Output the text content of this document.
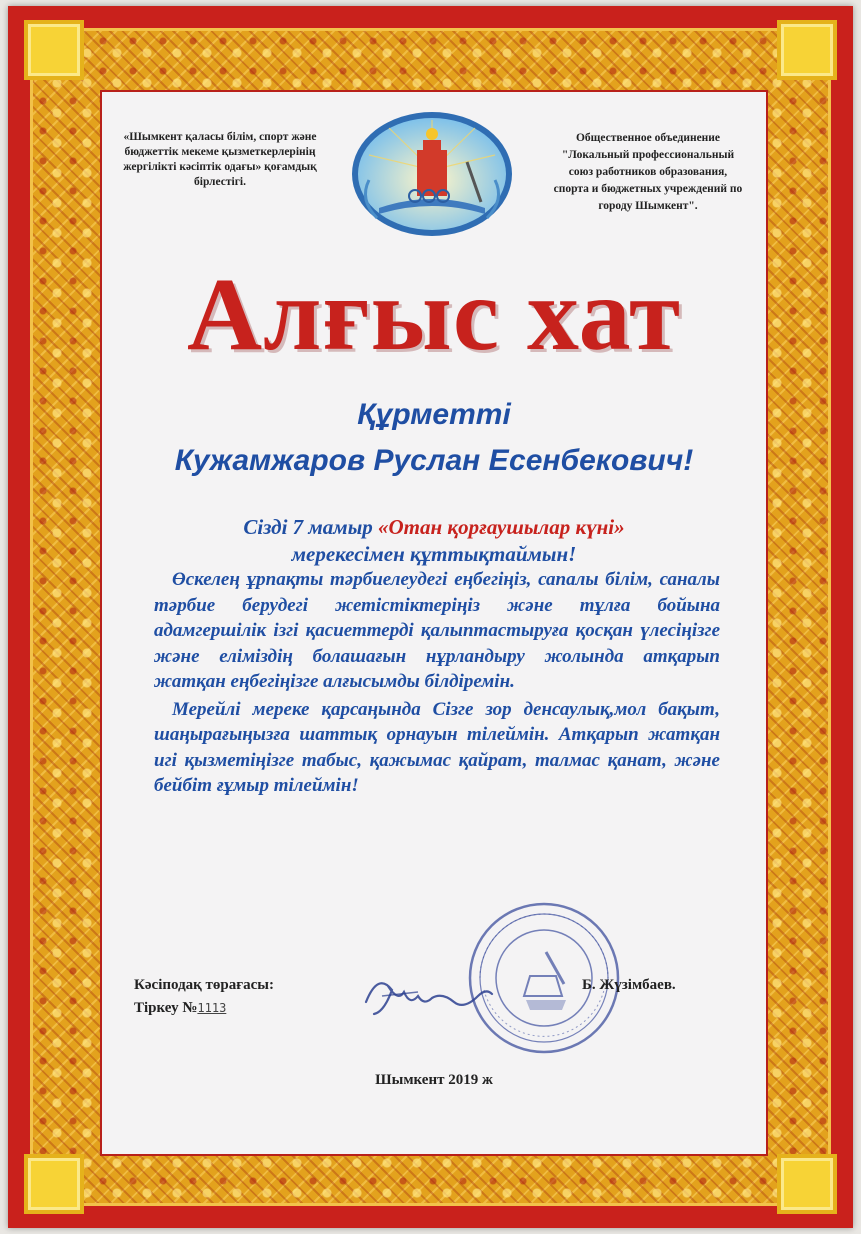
«Шымкент қаласы білім, спорт және бюджеттік мекеме қызметкерлерінің жергілікті кәсіптік одағы» қоғамдық бірлестігі.
Общественное объединение "Локальный профессиональный союз работников образования, спорта и бюджетных учреждений по городу Шымкент".
Алғыс хат
Құрметті
Кужамжаров Руслан Есенбекович!
Сізді 7 мамыр «Отан қорғаушылар күні»
мерекесімен құттықтаймын!

Өскелең ұрпақты тәрбиелеудегі еңбегіңіз, сапалы білім, саналы тәрбие берудегі жетістіктеріңіз және тұлға бойына адамгершілік ізгі қасиеттерді қалыптастыруға қосқан үлесіңізге және еліміздің болашағын нұрландыру жолында атқарып жатқан еңбегіңізге алғысымды білдіремін.

Мерейлі мереке қарсаңында Сізге зор денсаулық,мол бақыт, шаңырағыңызға шаттық орнауын тілеймін. Атқарып жатқан игі қызметіңізге табыс, қажымас қайрат, талмас қанат, және бейбіт ғұмыр тілеймін!

Кәсіподақ төрағасы:
Тіркеу №1113
Б. Жүзімбаев.
Шымкент 2019 ж
